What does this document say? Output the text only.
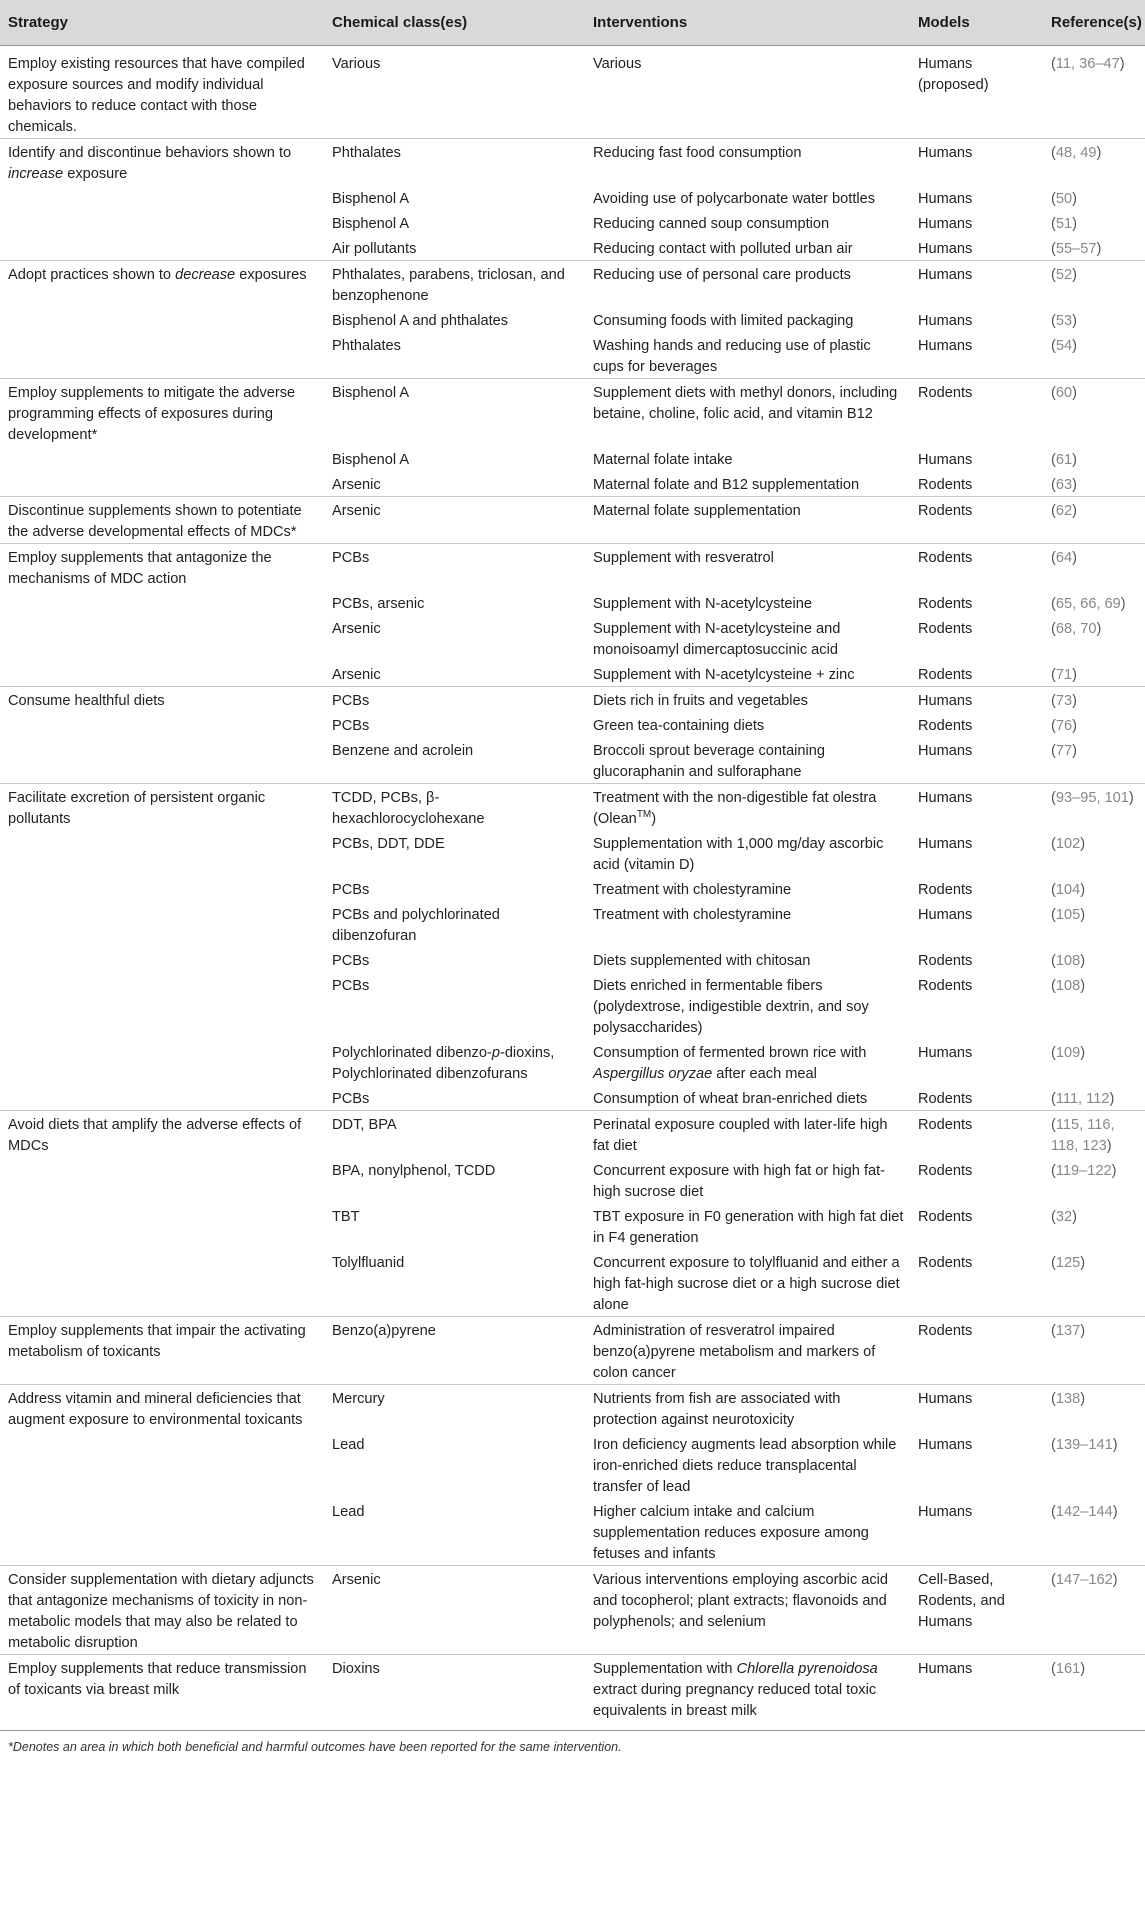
Strategy	Chemical class(es)	Interventions	Models	Reference(s)
Employ existing resources that have compiled exposure sources and modify individual behaviors to reduce contact with those chemicals.	Various	Various	Humans (proposed)	(11, 36–47)
Identify and discontinue behaviors shown to increase exposure	Phthalates	Reducing fast food consumption	Humans	(48, 49)
	Bisphenol A	Avoiding use of polycarbonate water bottles	Humans	(50)
	Bisphenol A	Reducing canned soup consumption	Humans	(51)
	Air pollutants	Reducing contact with polluted urban air	Humans	(55–57)
Adopt practices shown to decrease exposures	Phthalates, parabens, triclosan, and benzophenone	Reducing use of personal care products	Humans	(52)
	Bisphenol A and phthalates	Consuming foods with limited packaging	Humans	(53)
	Phthalates	Washing hands and reducing use of plastic cups for beverages	Humans	(54)
Employ supplements to mitigate the adverse programming effects of exposures during development*	Bisphenol A	Supplement diets with methyl donors, including betaine, choline, folic acid, and vitamin B12	Rodents	(60)
	Bisphenol A	Maternal folate intake	Humans	(61)
	Arsenic	Maternal folate and B12 supplementation	Rodents	(63)
Discontinue supplements shown to potentiate the adverse developmental effects of MDCs*	Arsenic	Maternal folate supplementation	Rodents	(62)
Employ supplements that antagonize the mechanisms of MDC action	PCBs	Supplement with resveratrol	Rodents	(64)
	PCBs, arsenic	Supplement with N-acetylcysteine	Rodents	(65, 66, 69)
	Arsenic	Supplement with N-acetylcysteine and monoisoamyl dimercaptosuccinic acid	Rodents	(68, 70)
	Arsenic	Supplement with N-acetylcysteine + zinc	Rodents	(71)
Consume healthful diets	PCBs	Diets rich in fruits and vegetables	Humans	(73)
	PCBs	Green tea-containing diets	Rodents	(76)
	Benzene and acrolein	Broccoli sprout beverage containing glucoraphanin and sulforaphane	Humans	(77)
Facilitate excretion of persistent organic pollutants	TCDD, PCBs, β-hexachlorocyclohexane	Treatment with the non-digestible fat olestra (Olean™)	Humans	(93–95, 101)
	PCBs, DDT, DDE	Supplementation with 1,000 mg/day ascorbic acid (vitamin D)	Humans	(102)
	PCBs	Treatment with cholestyramine	Rodents	(104)
	PCBs and polychlorinated dibenzofuran	Treatment with cholestyramine	Humans	(105)
	PCBs	Diets supplemented with chitosan	Rodents	(108)
	PCBs	Diets enriched in fermentable fibers (polydextrose, indigestible dextrin, and soy polysaccharides)	Rodents	(108)
	Polychlorinated dibenzo-p-dioxins, Polychlorinated dibenzofurans	Consumption of fermented brown rice with Aspergillus oryzae after each meal	Humans	(109)
	PCBs	Consumption of wheat bran-enriched diets	Rodents	(111, 112)
Avoid diets that amplify the adverse effects of MDCs	DDT, BPA	Perinatal exposure coupled with later-life high fat diet	Rodents	(115, 116, 118, 123)
	BPA, nonylphenol, TCDD	Concurrent exposure with high fat or high fat-high sucrose diet	Rodents	(119–122)
	TBT	TBT exposure in F0 generation with high fat diet in F4 generation	Rodents	(32)
	Tolylfluanid	Concurrent exposure to tolylfluanid and either a high fat-high sucrose diet or a high sucrose diet alone	Rodents	(125)
Employ supplements that impair the activating metabolism of toxicants	Benzo(a)pyrene	Administration of resveratrol impaired benzo(a)pyrene metabolism and markers of colon cancer	Rodents	(137)
Address vitamin and mineral deficiencies that augment exposure to environmental toxicants	Mercury	Nutrients from fish are associated with protection against neurotoxicity	Humans	(138)
	Lead	Iron deficiency augments lead absorption while iron-enriched diets reduce transplacental transfer of lead	Humans	(139–141)
	Lead	Higher calcium intake and calcium supplementation reduces exposure among fetuses and infants	Humans	(142–144)
Consider supplementation with dietary adjuncts that antagonize mechanisms of toxicity in non-metabolic models that may also be related to metabolic disruption	Arsenic	Various interventions employing ascorbic acid and tocopherol; plant extracts; flavonoids and polyphenols; and selenium	Cell-Based, Rodents, and Humans	(147–162)
Employ supplements that reduce transmission of toxicants via breast milk	Dioxins	Supplementation with Chlorella pyrenoidosa extract during pregnancy reduced total toxic equivalents in breast milk	Humans	(161)
*Denotes an area in which both beneficial and harmful outcomes have been reported for the same intervention.
